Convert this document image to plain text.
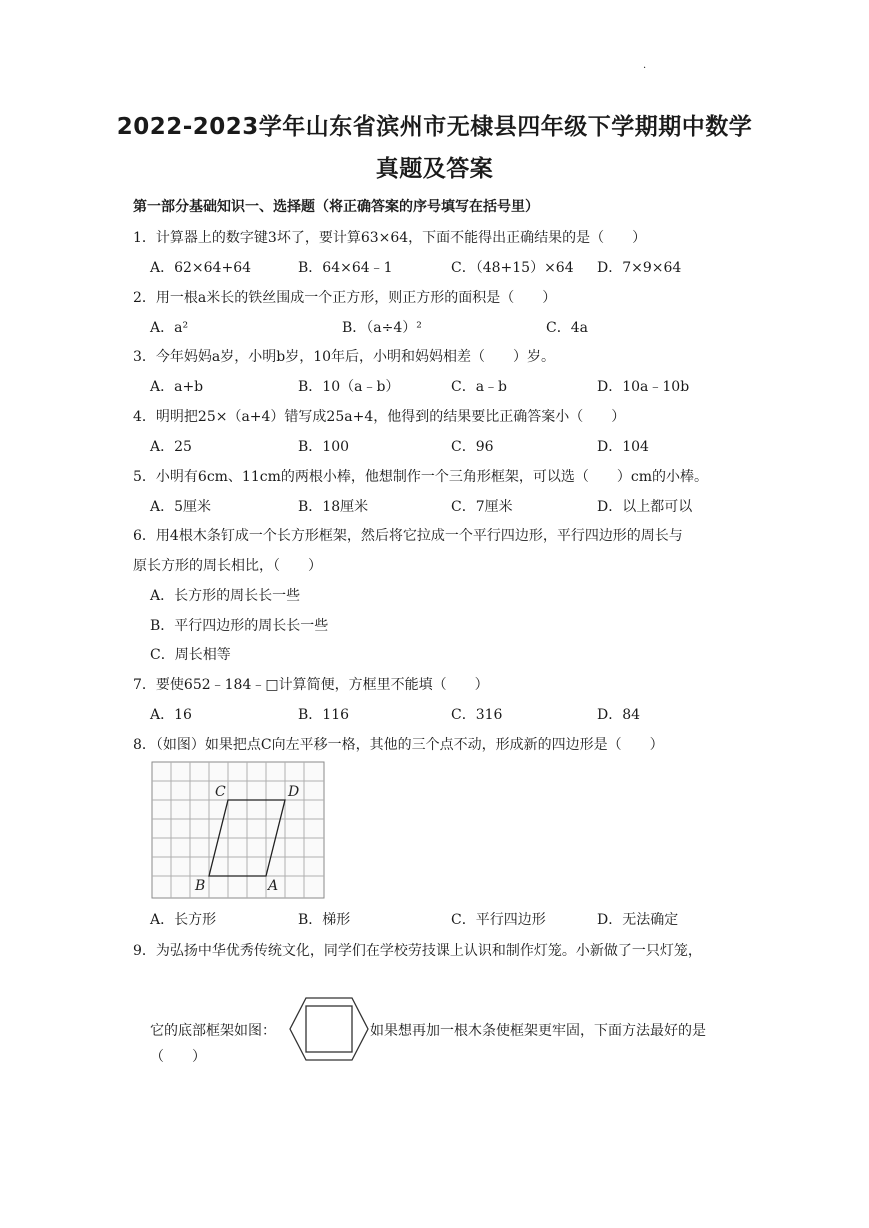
.
2022-2023学年山东省滨州市无棣县四年级下学期期中数学
真题及答案
第一部分基础知识一、选择题（将正确答案的序号填写在括号里）
1．计算器上的数字键3坏了，要计算63×64，下面不能得出正确结果的是（　　）
A．62×64+64	B．64×64﹣1	C．（48+15）×64 D．7×9×64
2．用一根a米长的铁丝围成一个正方形，则正方形的面积是（　　）
A．a²	B．（a÷4）²	C．4a
3．今年妈妈a岁，小明b岁，10年后，小明和妈妈相差（　　）岁。
A．a+b	B．10（a﹣b）	C．a﹣b	D．10a﹣10b
4．明明把25×（a+4）错写成25a+4，他得到的结果要比正确答案小（　　）
A．25	B．100	C．96	D．104
5．小明有6cm、11cm的两根小棒，他想制作一个三角形框架，可以选（　　）cm的小棒。
A．5厘米	B．18厘米	C．7厘米	D．以上都可以
6．用4根木条钉成一个长方形框架，然后将它拉成一个平行四边形，平行四边形的周长与
原长方形的周长相比，（　　）
A．长方形的周长长一些
B．平行四边形的周长长一些
C．周长相等
7．要使652﹣184﹣□计算简便，方框里不能填（　　）
A．16	B．116	C．316	D．84
8．（如图）如果把点C向左平移一格，其他的三个点不动，形成新的四边形是（　　）
C	D
B	A
A．长方形	B．梯形	C．平行四边形	D．无法确定
9．为弘扬中华优秀传统文化，同学们在学校劳技课上认识和制作灯笼。小新做了一只灯笼，
它的底部框架如图：	如果想再加一根木条使框架更牢固，下面方法最好的是
（　　）
